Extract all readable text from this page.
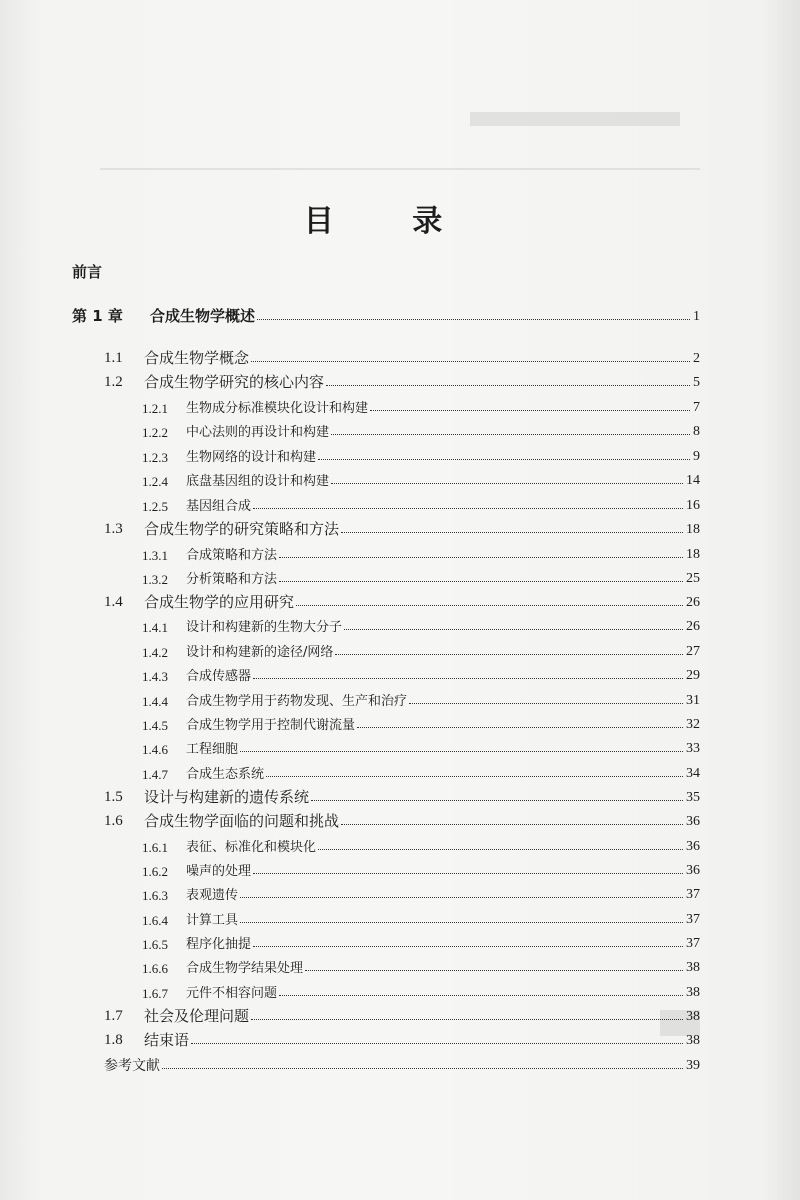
目 录
前言
第 1 章	合成生物学概述	1
1.1	合成生物学概念	2
1.2	合成生物学研究的核心内容	5
1.2.1	生物成分标准模块化设计和构建	7
1.2.2	中心法则的再设计和构建	8
1.2.3	生物网络的设计和构建	9
1.2.4	底盘基因组的设计和构建	14
1.2.5	基因组合成	16
1.3	合成生物学的研究策略和方法	18
1.3.1	合成策略和方法	18
1.3.2	分析策略和方法	25
1.4	合成生物学的应用研究	26
1.4.1	设计和构建新的生物大分子	26
1.4.2	设计和构建新的途径/网络	27
1.4.3	合成传感器	29
1.4.4	合成生物学用于药物发现、生产和治疗	31
1.4.5	合成生物学用于控制代谢流量	32
1.4.6	工程细胞	33
1.4.7	合成生态系统	34
1.5	设计与构建新的遗传系统	35
1.6	合成生物学面临的问题和挑战	36
1.6.1	表征、标准化和模块化	36
1.6.2	噪声的处理	36
1.6.3	表观遗传	37
1.6.4	计算工具	37
1.6.5	程序化抽提	37
1.6.6	合成生物学结果处理	38
1.6.7	元件不相容问题	38
1.7	社会及伦理问题	38
1.8	结束语	38
参考文献	39
